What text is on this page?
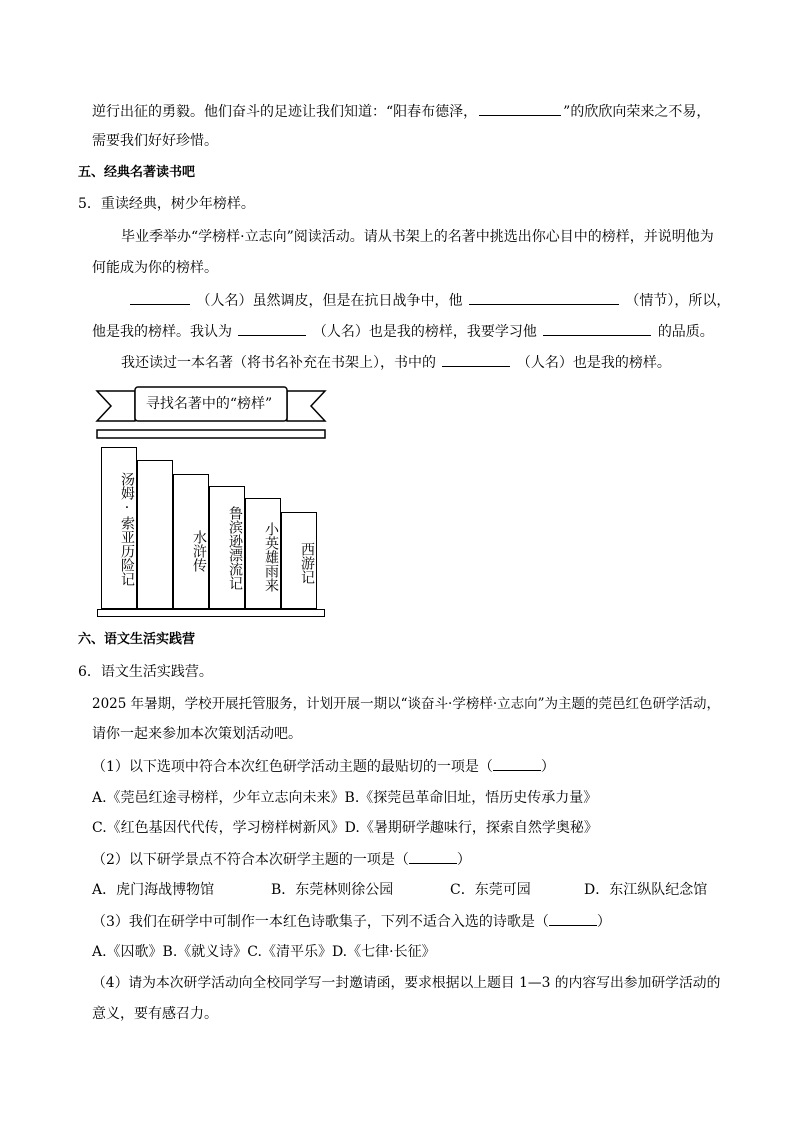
逆行出征的勇毅。他们奋斗的足迹让我们知道：“阳春布德泽，	”的欣欣向荣来之不易，
需要我们好好珍惜。
五、经典名著读书吧
5．重读经典，树少年榜样。
毕业季举办“学榜样·立志向”阅读活动。请从书架上的名著中挑选出你心目中的榜样，并说明他为
何能成为你的榜样。
（人名）虽然调皮，但是在抗日战争中，他	（情节），所以，
他是我的榜样。我认为	（人名）也是我的榜样，我要学习他	的品质。
我还读过一本名著（将书名补充在书架上），书中的	（人名）也是我的榜样。
寻找名著中的“榜样”
汤姆·索亚历险记	水浒传	鲁滨逊漂流记	小英雄雨来	西游记
六、语文生活实践营
6．语文生活实践营。
2025 年暑期，学校开展托管服务，计划开展一期以“谈奋斗·学榜样·立志向”为主题的莞邑红色研学活动，
请你一起来参加本次策划活动吧。
（1）以下选项中符合本次红色研学活动主题的最贴切的一项是（	）
A.《莞邑红途寻榜样，少年立志向未来》B.《探莞邑革命旧址，悟历史传承力量》
C.《红色基因代代传，学习榜样树新风》D.《暑期研学趣味行，探索自然学奥秘》
（2）以下研学景点不符合本次研学主题的一项是（	）
A．虎门海战博物馆	B．东莞林则徐公园	C．东莞可园	D．东江纵队纪念馆
（3）我们在研学中可制作一本红色诗歌集子，下列不适合入选的诗歌是（	）
A.《囚歌》B.《就义诗》C.《清平乐》D.《七律·长征》
（4）请为本次研学活动向全校同学写一封邀请函，要求根据以上题目 1—3 的内容写出参加研学活动的
意义，要有感召力。
